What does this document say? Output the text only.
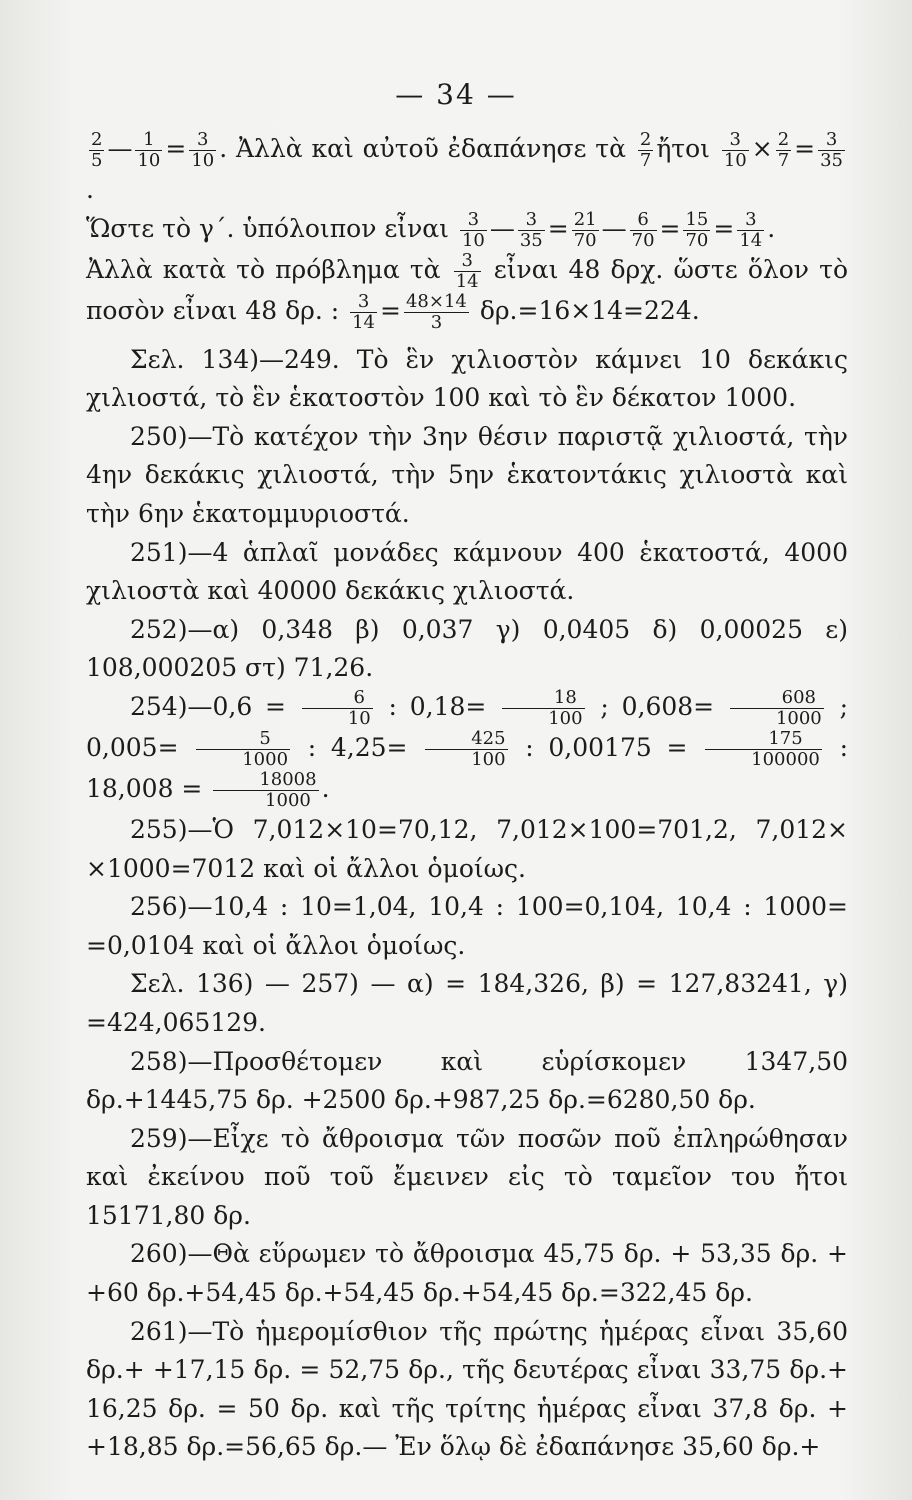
— 34 —

$\frac{2}{5}$ — $\frac{1}{10} = \frac{3}{10}$ . Ἀλλὰ καὶ αὐτοῦ ἐδαπάνησε τὰ $\frac{2}{7}$ ἤτοι $\frac{3}{10} \times \frac{2}{7} = \frac{3}{35}$
.

Ὥστε τὸ γ΄. ὑπόλοιπον εἶναι $\frac{3}{10}$ — $\frac{3}{35} = \frac{21}{70}$ — $\frac{6}{70} = \frac{15}{70} = \frac{3}{14}$ .

Ἀλλὰ κατὰ τὸ πρόβλημα τὰ $\frac{3}{14}$ εἶναι 48 δρχ. ὥστε ὅλον τὸ ποσὸν εἶναι 48 δρ. : $\frac{3}{14} = \frac{48\times 14}{3} \delta\rho.=16\times 14=224$.

Σελ. 134)—249. Τὸ ἓν χιλιοστὸν κάμνει 10 δεκάκις χιλιοστά, τὸ ἓν ἑκατοστὸν 100 καὶ τὸ ἓν δέκατον 1000.

250)—Τὸ κατέχον τὴν 3ην θέσιν παριστᾷ χιλιοστά, τὴν 4ην δεκάκις χιλιοστά, τὴν 5ην ἑκατοντάκις χιλιοστὰ καὶ τὴν 6ην ἑκατομμυριοστά.

251)—4 ἁπλαῖ μονάδες κάμνουν 400 ἑκατοστά, 4000 χιλιοστὰ καὶ 40000 δεκάκις χιλιοστά.

252)—α) 0,348 β) 0,037 γ) 0,0405 δ) 0,00025 ε) 108,000205 στ) 71,26.

254)—0,6 = $\frac{6}{10}$ : $0,18= \frac{18}{100}$ ; $0,608= \frac{608}{1000}$ ; $0,005= \frac{5}{1000}$ : $4,25= \frac{425}{100}$ : $0,00175 = \frac{175}{100000}$ : $18,008 = \frac{18008}{1000}$ .

255)—Ὁ 7,012×10=70,12, 7,012×100=701,2, 7,012× ×1000=7012 καὶ οἱ ἄλλοι ὁμοίως.

256)—10,4 : 10=1,04, 10,4 : 100=0,104, 10,4 : 1000= =0,0104 καὶ οἱ ἄλλοι ὁμοίως.

Σελ. 136) — 257) — α) = 184,326, β) = 127,83241, γ) =424,065129.

258)—Προσθέτομεν καὶ εὑρίσκομεν 1347,50 δρ.+1445,75 δρ. +2500 δρ.+987,25 δρ.=6280,50 δρ.

259)—Εἶχε τὸ ἄθροισμα τῶν ποσῶν ποῦ ἐπληρώθησαν καὶ ἐκείνου ποῦ τοῦ ἔμεινεν εἰς τὸ ταμεῖον του ἤτοι 15171,80 δρ.

260)—Θὰ εὕρωμεν τὸ ἄθροισμα 45,75 δρ. + 53,35 δρ. + +60 δρ.+54,45 δρ.+54,45 δρ.+54,45 δρ.=322,45 δρ.

261)—Τὸ ἡμερομίσθιον τῆς πρώτης ἡμέρας εἶναι 35,60 δρ.+ +17,15 δρ. = 52,75 δρ., τῆς δευτέρας εἶναι 33,75 δρ.+ 16,25 δρ. = 50 δρ. καὶ τῆς τρίτης ἡμέρας εἶναι 37,8 δρ. + +18,85 δρ.=56,65 δρ.— Ἐν ὅλῳ δὲ ἐδαπάνησε 35,60 δρ.+
